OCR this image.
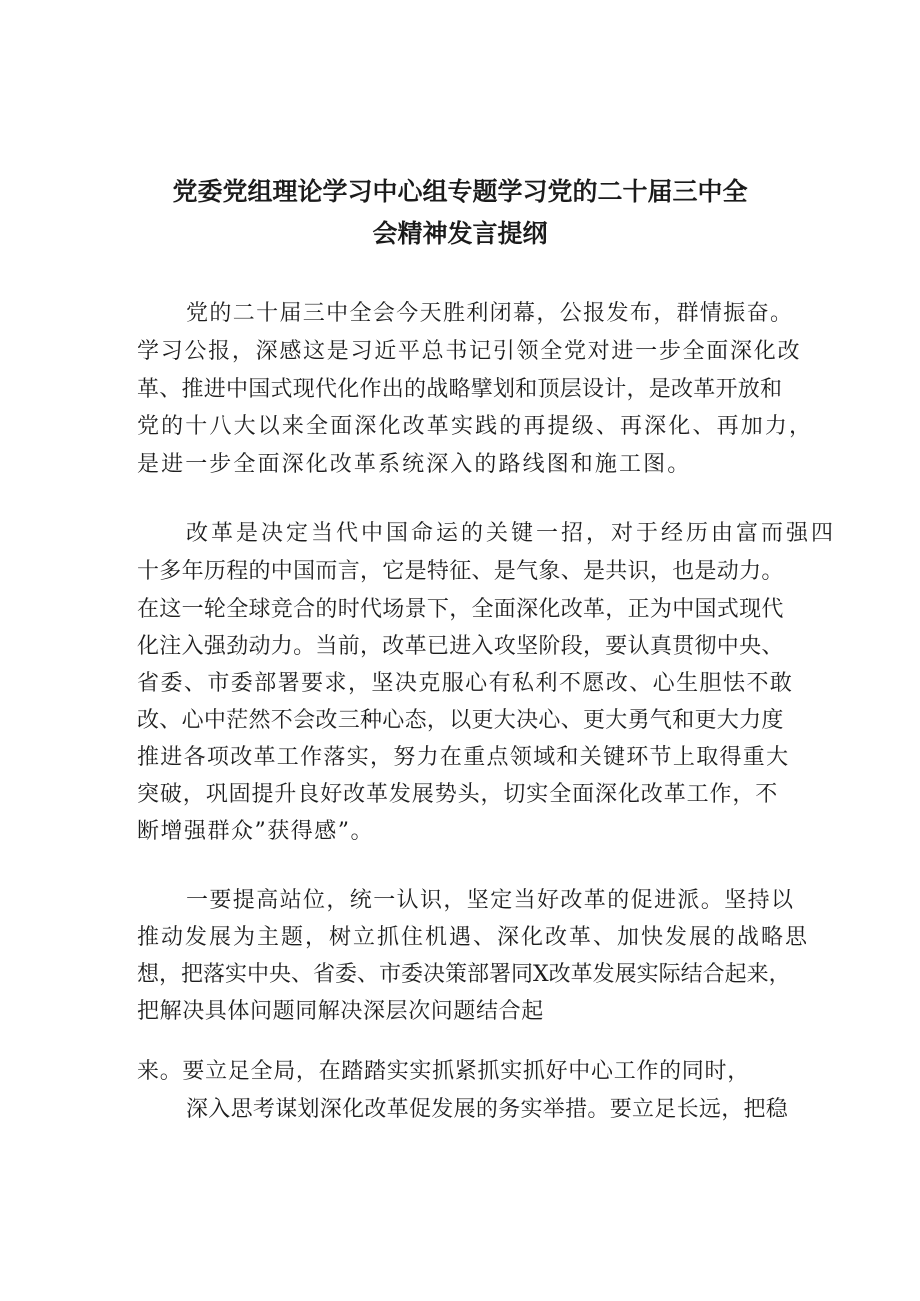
党委党组理论学习中心组专题学习党的二十届三中全
会精神发言提纲

党的二十届三中全会今天胜利闭幕，公报发布，群情振奋。

学习公报，深感这是习近平总书记引领全党对进一步全面深化改

革、推进中国式现代化作出的战略擘划和顶层设计，是改革开放和

党的十八大以来全面深化改革实践的再提级、再深化、再加力，

是进一步全面深化改革系统深入的路线图和施工图。

改革是决定当代中国命运的关键一招，对于经历由富而强四

十多年历程的中国而言，它是特征、是气象、是共识，也是动力。

在这一轮全球竞合的时代场景下，全面深化改革，正为中国式现代

化注入强劲动力。当前，改革已进入攻坚阶段，要认真贯彻中央、

省委、市委部署要求，坚决克服心有私利不愿改、心生胆怯不敢

改、心中茫然不会改三种心态，以更大决心、更大勇气和更大力度

推进各项改革工作落实，努力在重点领域和关键环节上取得重大

突破，巩固提升良好改革发展势头，切实全面深化改革工作，不

断增强群众”获得感”。

一要提高站位，统一认识，坚定当好改革的促进派。坚持以

推动发展为主题，树立抓住机遇、深化改革、加快发展的战略思

想，把落实中央、省委、市委决策部署同X改革发展实际结合起来，

把解决具体问题同解决深层次问题结合起

来。要立足全局，在踏踏实实抓紧抓实抓好中心工作的同时，

深入思考谋划深化改革促发展的务实举措。要立足长远，把稳
